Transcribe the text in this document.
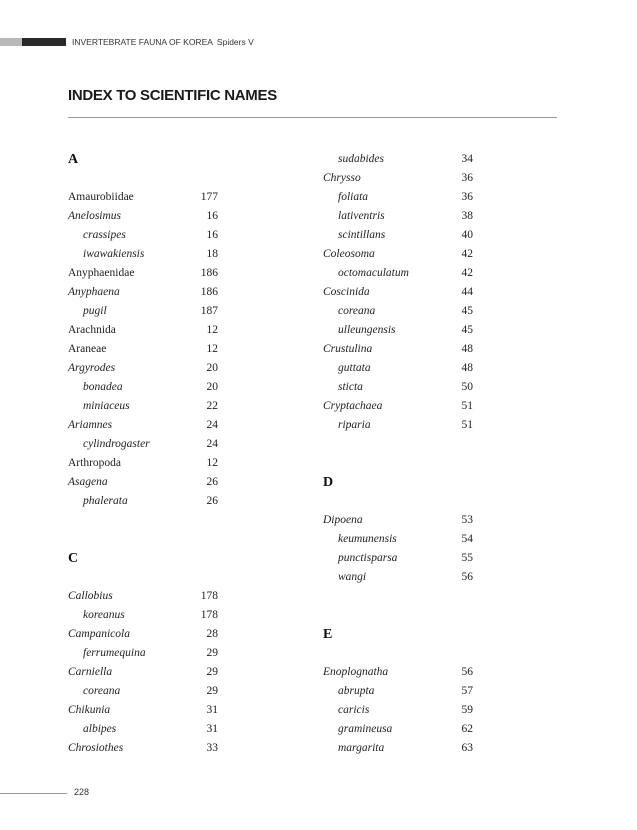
INVERTEBRATE FAUNA OF KOREA Spiders V
INDEX TO SCIENTIFIC NAMES
A
Amaurobiidae	177
Anelosimus	16
crassipes	16
iwawakiensis	18
Anyphaenidae	186
Anyphaena	186
pugil	187
Arachnida	12
Araneae	12
Argyrodes	20
bonadea	20
miniaceus	22
Ariamnes	24
cylindrogaster	24
Arthropoda	12
Asagena	26
phalerata	26
C
Callobius	178
koreanus	178
Campanicola	28
ferrumequina	29
Carniella	29
coreana	29
Chikunia	31
albipes	31
Chrosiothes	33
sudabides	34
Chrysso	36
foliata	36
lativentris	38
scintillans	40
Coleosoma	42
octomaculatum	42
Coscinida	44
coreana	45
ulleungensis	45
Crustulina	48
guttata	48
sticta	50
Cryptachaea	51
riparia	51
D
Dipoena	53
keumunensis	54
punctisparsa	55
wangi	56
E
Enoplognatha	56
abrupta	57
caricis	59
gramineusa	62
margarita	63
228
